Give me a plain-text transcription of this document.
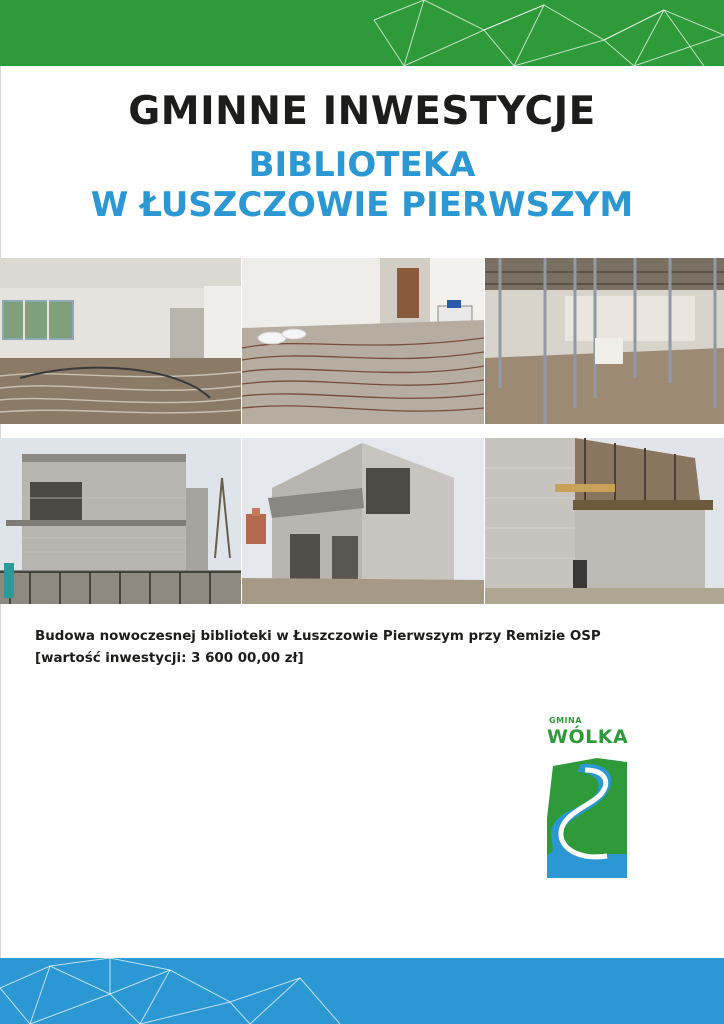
GMINNE INWESTYCJE
BIBLIOTEKA
W ŁUSZCZOWIE PIERWSZYM
Budowa nowoczesnej biblioteki w Łuszczowie Pierwszym przy Remizie OSP
[wartość inwestycji: 3 600 00,00 zł]
GMINA
WÓLKA
